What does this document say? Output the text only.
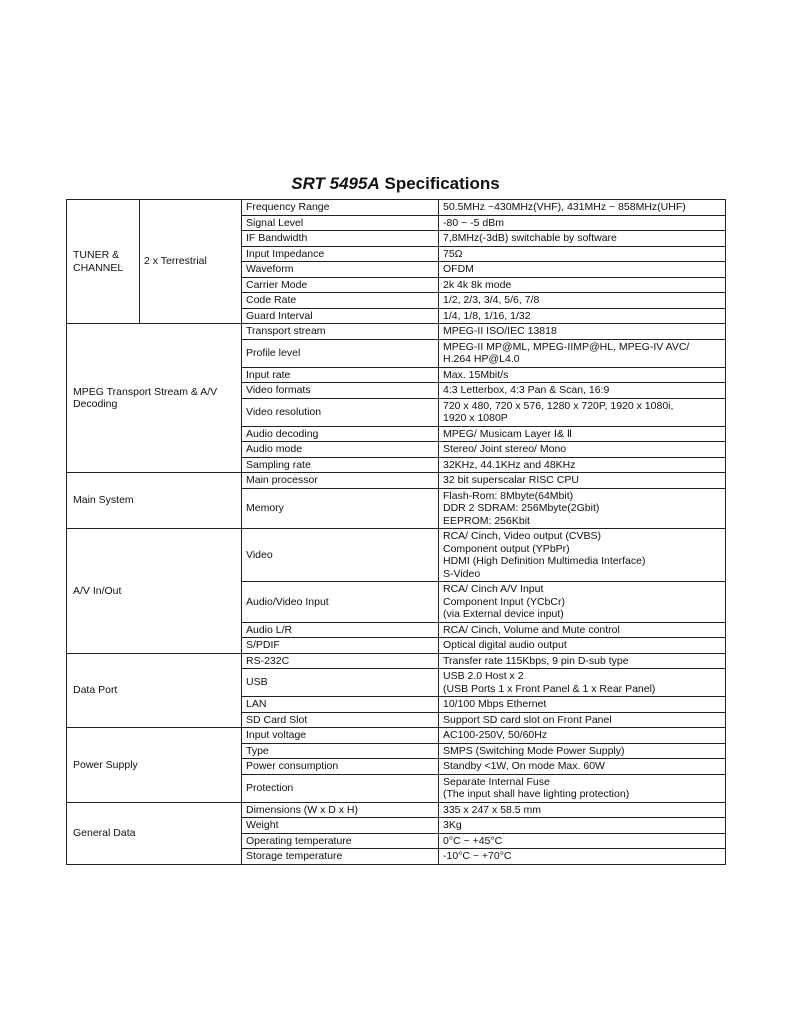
SRT 5495A Specifications
TUNER &
CHANNEL	2 x Terrestrial	Frequency Range	50.5MHz ~430MHz(VHF), 431MHz ~ 858MHz(UHF)
		Signal Level	-80 ~ -5 dBm
		IF Bandwidth	7,8MHz(-3dB) switchable by software
		Input Impedance	75Ω
		Waveform	OFDM
		Carrier Mode	2k 4k 8k mode
		Code Rate	1/2, 2/3, 3/4, 5/6, 7/8
		Guard Interval	1/4, 1/8, 1/16, 1/32
MPEG Transport Stream & A/V Decoding		Transport stream	MPEG-II ISO/IEC 13818
		Profile level	MPEG-II MP@ML, MPEG-IIMP@HL, MPEG-IV AVC/
H.264 HP@L4.0
		Input rate	Max. 15Mbit/s
		Video formats	4:3 Letterbox, 4:3 Pan & Scan, 16:9
		Video resolution	720 x 480, 720 x 576, 1280 x 720P, 1920 x 1080i,
1920 x 1080P
		Audio decoding	MPEG/ Musicam Layer Ⅰ& Ⅱ
		Audio mode	Stereo/ Joint stereo/ Mono
		Sampling rate	32KHz, 44.1KHz and 48KHz
Main System		Main processor	32 bit superscalar RISC CPU
		Memory	Flash-Rom: 8Mbyte(64Mbit)
DDR 2 SDRAM: 256Mbyte(2Gbit)
EEPROM: 256Kbit
A/V In/Out		Video	RCA/ Cinch, Video output (CVBS)
Component output (YPbPr)
HDMI (High Definition Multimedia Interface)
S-Video
		Audio/Video Input	RCA/ Cinch A/V Input
Component Input (YCbCr)
(via External device input)
		Audio L/R	RCA/ Cinch, Volume and Mute control
		S/PDIF	Optical digital audio output
Data Port		RS-232C	Transfer rate 115Kbps, 9 pin D-sub type
		USB	USB 2.0 Host x 2
(USB Ports 1 x Front Panel & 1 x Rear Panel)
		LAN	10/100 Mbps Ethernet
		SD Card Slot	Support SD card slot on Front Panel
Power Supply		Input voltage	AC100-250V, 50/60Hz
		Type	SMPS (Switching Mode Power Supply)
		Power consumption	Standby <1W, On mode Max. 60W
		Protection	Separate Internal Fuse
(The input shall have lighting protection)
General Data		Dimensions (W x D x H)	335 x 247 x 58.5 mm
		Weight	3Kg
		Operating temperature	0°C ~ +45°C
		Storage temperature	-10°C ~ +70°C
